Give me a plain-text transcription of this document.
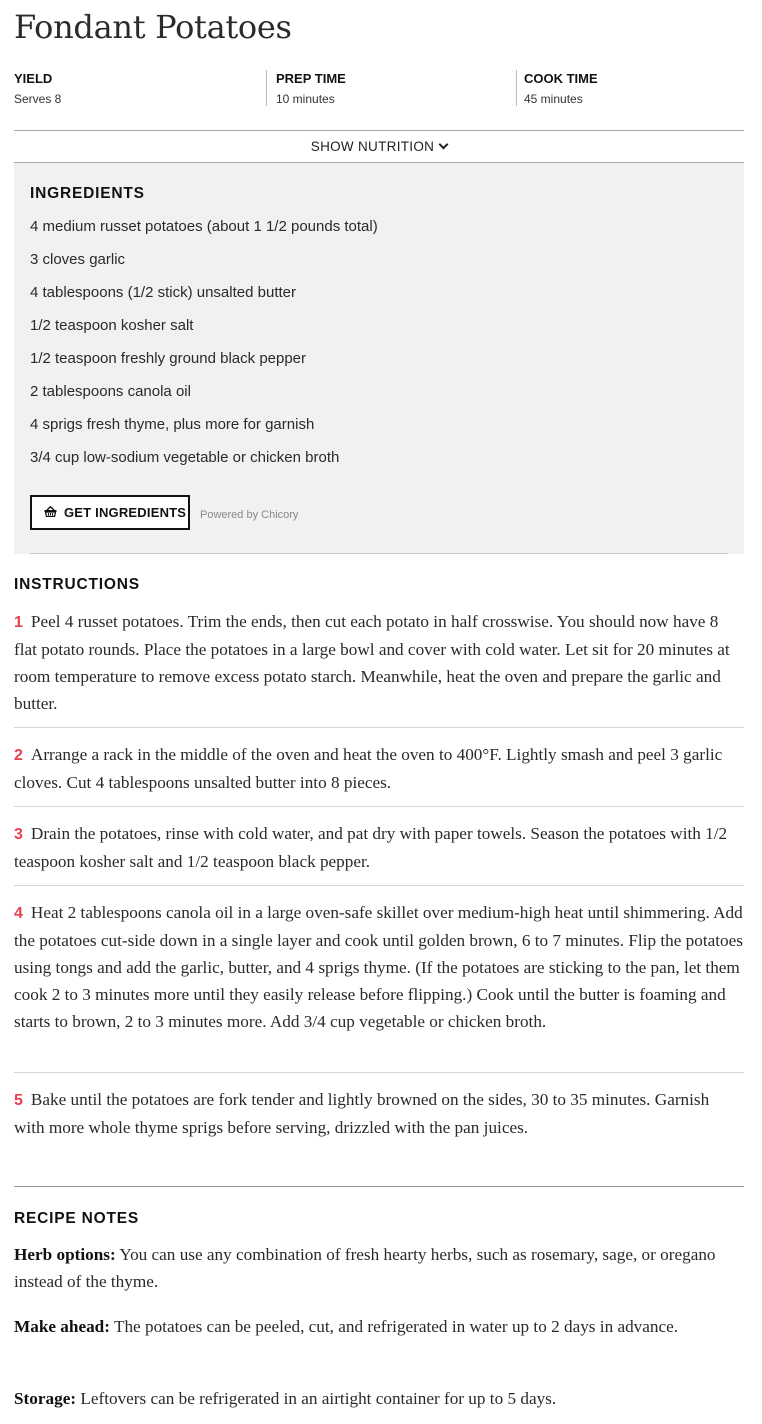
Fondant Potatoes
YIELD
Serves 8
PREP TIME
10 minutes
COOK TIME
45 minutes
SHOW NUTRITION
INGREDIENTS
4 medium russet potatoes (about 1 1/2 pounds total)
3 cloves garlic
4 tablespoons (1/2 stick) unsalted butter
1/2 teaspoon kosher salt
1/2 teaspoon freshly ground black pepper
2 tablespoons canola oil
4 sprigs fresh thyme, plus more for garnish
3/4 cup low-sodium vegetable or chicken broth
GET INGREDIENTS	Powered by Chicory
INSTRUCTIONS

1 Peel 4 russet potatoes. Trim the ends, then cut each potato in half crosswise. You should now have 8 flat potato rounds. Place the potatoes in a large bowl and cover with cold water. Let sit for 20 minutes at room temperature to remove excess potato starch. Meanwhile, heat the oven and prepare the garlic and butter.

2 Arrange a rack in the middle of the oven and heat the oven to 400°F. Lightly smash and peel 3 garlic cloves. Cut 4 tablespoons unsalted butter into 8 pieces.

3 Drain the potatoes, rinse with cold water, and pat dry with paper towels. Season the potatoes with 1/2 teaspoon kosher salt and 1/2 teaspoon black pepper.

4 Heat 2 tablespoons canola oil in a large oven-safe skillet over medium-high heat until shimmering. Add the potatoes cut-side down in a single layer and cook until golden brown, 6 to 7 minutes. Flip the potatoes using tongs and add the garlic, butter, and 4 sprigs thyme. (If the potatoes are sticking to the pan, let them cook 2 to 3 minutes more until they easily release before flipping.) Cook until the butter is foaming and starts to brown, 2 to 3 minutes more. Add 3/4 cup vegetable or chicken broth.

5 Bake until the potatoes are fork tender and lightly browned on the sides, 30 to 35 minutes. Garnish with more whole thyme sprigs before serving, drizzled with the pan juices.

RECIPE NOTES

Herb options: You can use any combination of fresh hearty herbs, such as rosemary, sage, or oregano instead of the thyme.

Make ahead: The potatoes can be peeled, cut, and refrigerated in water up to 2 days in advance.

Storage: Leftovers can be refrigerated in an airtight container for up to 5 days.
